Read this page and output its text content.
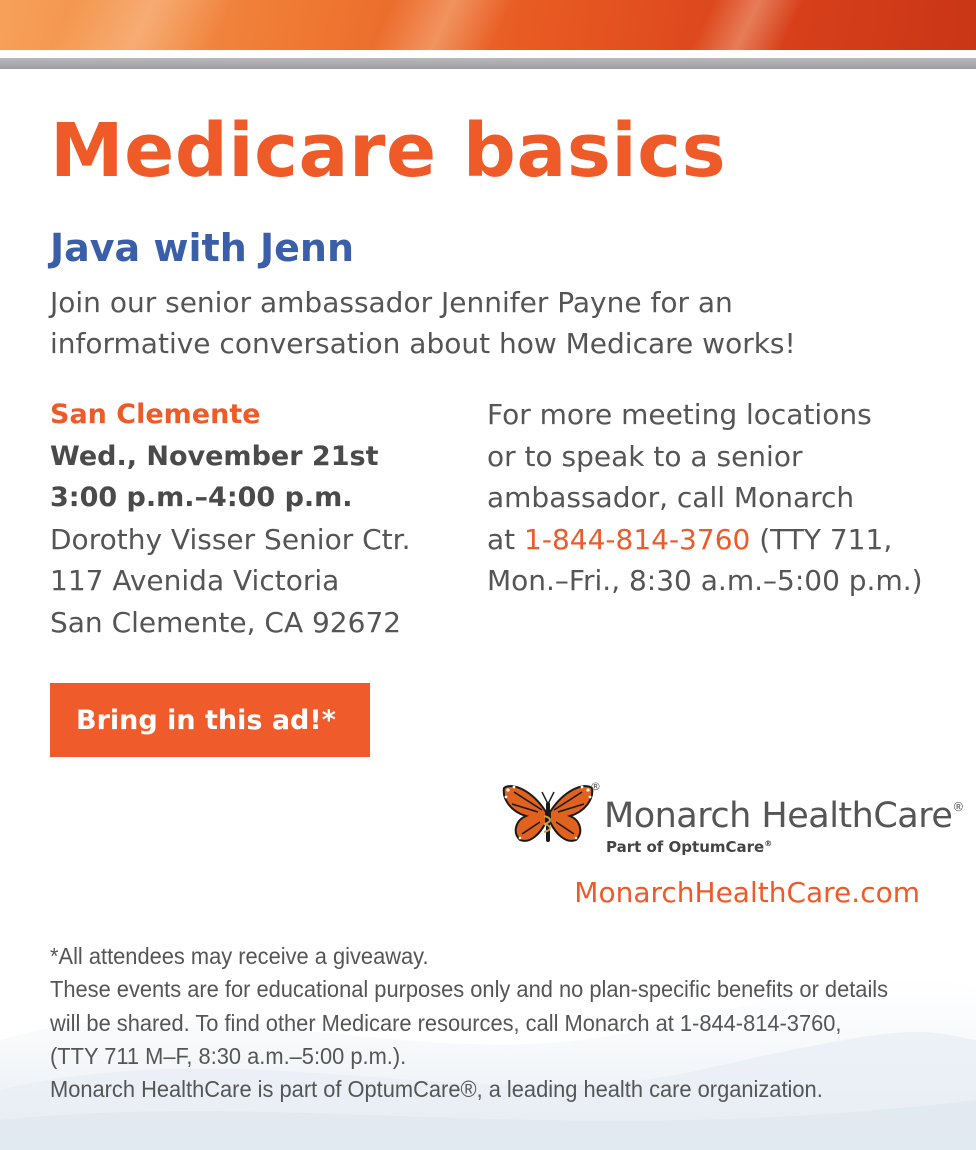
Medicare basics
Java with Jenn
Join our senior ambassador Jennifer Payne for an
informative conversation about how Medicare works!
San Clemente
Wed., November 21st
3:00 p.m.–4:00 p.m.
Dorothy Visser Senior Ctr.
117 Avenida Victoria
San Clemente, CA 92672
For more meeting locations
or to speak to a senior
ambassador, call Monarch
at 1-844-814-3760 (TTY 711,
Mon.–Fri., 8:30 a.m.–5:00 p.m.)
Bring in this ad!*
®
Monarch HealthCare®
Part of OptumCare®
MonarchHealthCare.com

*All attendees may receive a giveaway.

These events are for educational purposes only and no plan-specific benefits or details

will be shared. To find other Medicare resources, call Monarch at 1-844-814-3760,

(TTY 711 M–F, 8:30 a.m.–5:00 p.m.).

Monarch HealthCare is part of OptumCare®, a leading health care organization.
